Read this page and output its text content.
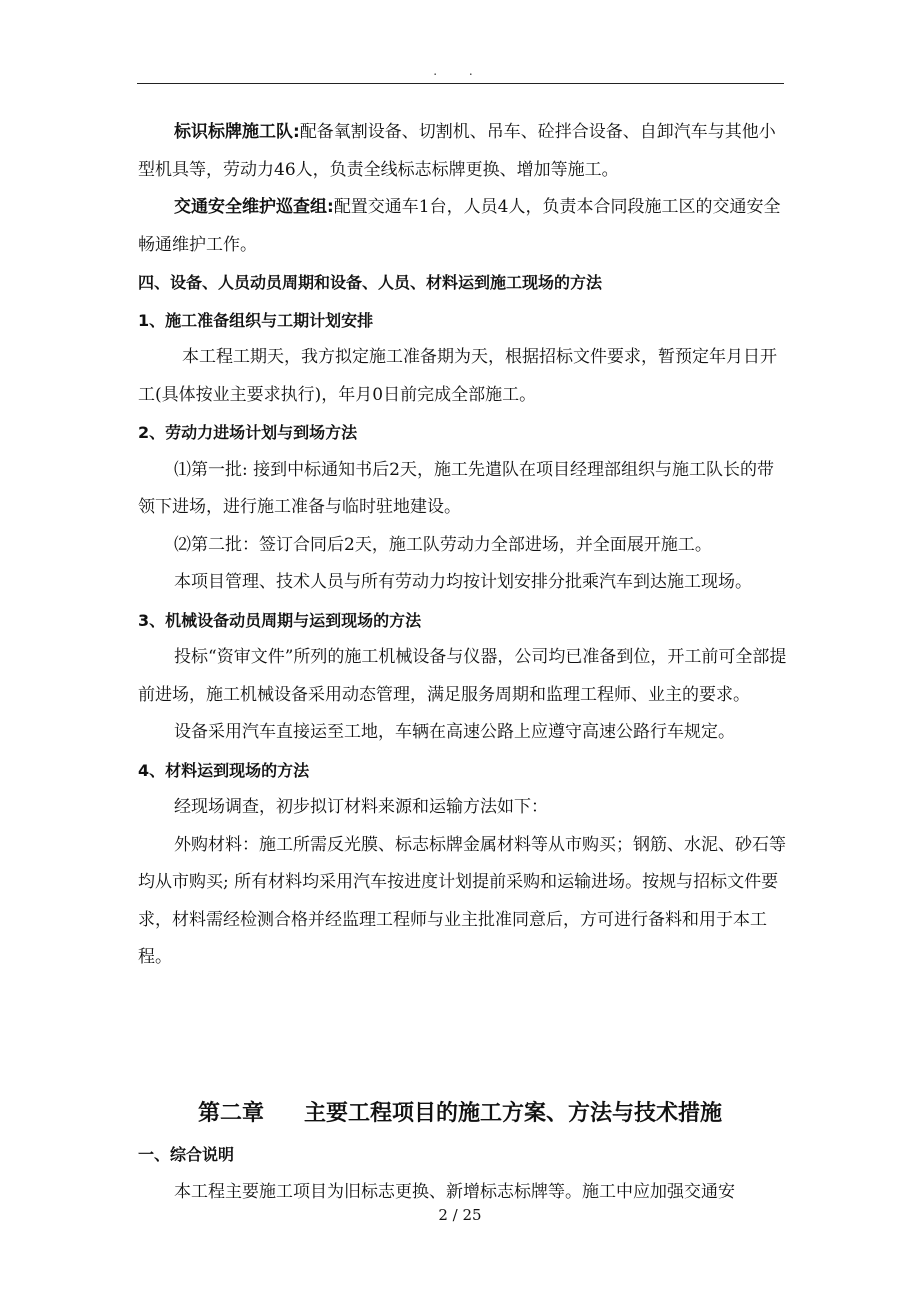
. .

标识标牌施工队:配备氧割设备、切割机、吊车、砼拌合设备、自卸汽车与其他小型机具等，劳动力46人，负责全线标志标牌更换、增加等施工。

交通安全维护巡查组:配置交通车1台，人员4人，负责本合同段施工区的交通安全畅通维护工作。

四、设备、人员动员周期和设备、人员、材料运到施工现场的方法

1、施工准备组织与工期计划安排

本工程工期天，我方拟定施工准备期为天，根据招标文件要求，暂预定年月日开工(具体按业主要求执行)，年月0日前完成全部施工。

2、劳动力进场计划与到场方法

⑴第一批: 接到中标通知书后2天，施工先遣队在项目经理部组织与施工队长的带领下进场，进行施工准备与临时驻地建设。

⑵第二批：签订合同后2天，施工队劳动力全部进场，并全面展开施工。

本项目管理、技术人员与所有劳动力均按计划安排分批乘汽车到达施工现场。

3、机械设备动员周期与运到现场的方法

投标“资审文件”所列的施工机械设备与仪器，公司均已准备到位，开工前可全部提前进场，施工机械设备采用动态管理，满足服务周期和监理工程师、业主的要求。

设备采用汽车直接运至工地，车辆在高速公路上应遵守高速公路行车规定。

4、材料运到现场的方法

经现场调查，初步拟订材料来源和运输方法如下：

外购材料：施工所需反光膜、标志标牌金属材料等从市购买；钢筋、水泥、砂石等均从市购买; 所有材料均采用汽车按进度计划提前采购和运输进场。按规与招标文件要求，材料需经检测合格并经监理工程师与业主批准同意后，方可进行备料和用于本工程。

第二章 主要工程项目的施工方案、方法与技术措施

一、综合说明

本工程主要施工项目为旧标志更换、新增标志标牌等。施工中应加强交通安

2 / 25
